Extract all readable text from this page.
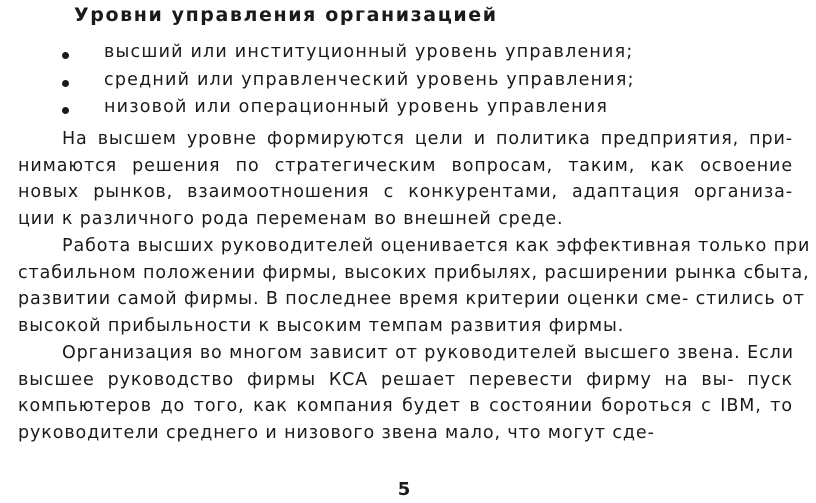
Уровни управления организацией
высший или институционный уровень управления;
средний или управленческий уровень управления;
низовой или операционный уровень управления
На высшем уровне формируются цели и политика предприятия, при-
нимаются решения по стратегическим вопросам, таким, как освоение
новых рынков, взаимоотношения с конкурентами, адаптация организа-
ции к различного рода переменам во внешней среде.
Работа высших руководителей оценивается как эффективная только при
стабильном положении фирмы, высоких прибылях, расширении рынка сбыта,
развитии самой фирмы. В последнее время критерии оценки сме- стились от
высокой прибыльности к высоким темпам развития фирмы.
Организация во многом зависит от руководителей высшего звена. Если
высшее руководство фирмы КСА решает перевести фирму на вы- пуск
компьютеров до того, как компания будет в состоянии бороться с IBM, то
руководители среднего и низового звена мало, что могут сде-
5
